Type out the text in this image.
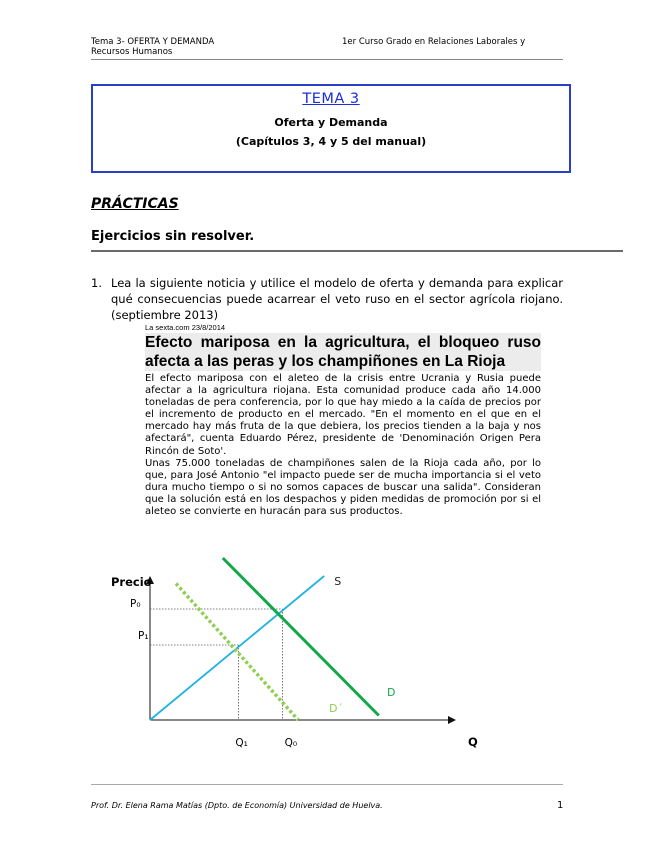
Tema 3- OFERTA Y DEMANDA
Recursos Humanos
1er Curso Grado en Relaciones Laborales y
TEMA 3
Oferta y Demanda
(Capítulos 3, 4 y 5 del manual)
PRÁCTICAS
Ejercicios sin resolver.
1. Lea la siguiente noticia y utilice el modelo de oferta y demanda para explicar qué consecuencias puede acarrear el veto ruso en el sector agrícola riojano.(septiembre 2013)
La sexta.com 23/8/2014
Efecto mariposa en la agricultura, el bloqueo ruso afecta a las peras y los champiñones en La Rioja

El efecto mariposa con el aleteo de la crisis entre Ucrania y Rusia puede afectar a la agricultura riojana. Esta comunidad produce cada año 14.000 toneladas de pera conferencia, por lo que hay miedo a la caída de precios por el incremento de producto en el mercado. "En el momento en el que en el mercado hay más fruta de la que debiera, los precios tienden a la baja y nos afectará", cuenta Eduardo Pérez, presidente de 'Denominación Origen Pera Rincón de Soto'.

Unas 75.000 toneladas de champiñones salen de la Rioja cada año, por lo que, para José Antonio "el impacto puede ser de mucha importancia si el veto dura mucho tiempo o si no somos capaces de buscar una salida". Consideran que la solución está en los despachos y piden medidas de promoción por si el aleteo se convierte en huracán para sus productos.

Precio
Q
S
D
D´
P₀
P₁
Q₁	Q₀
Prof. Dr. Elena Rama Matías (Dpto. de Economía) Universidad de Huelva.	1
